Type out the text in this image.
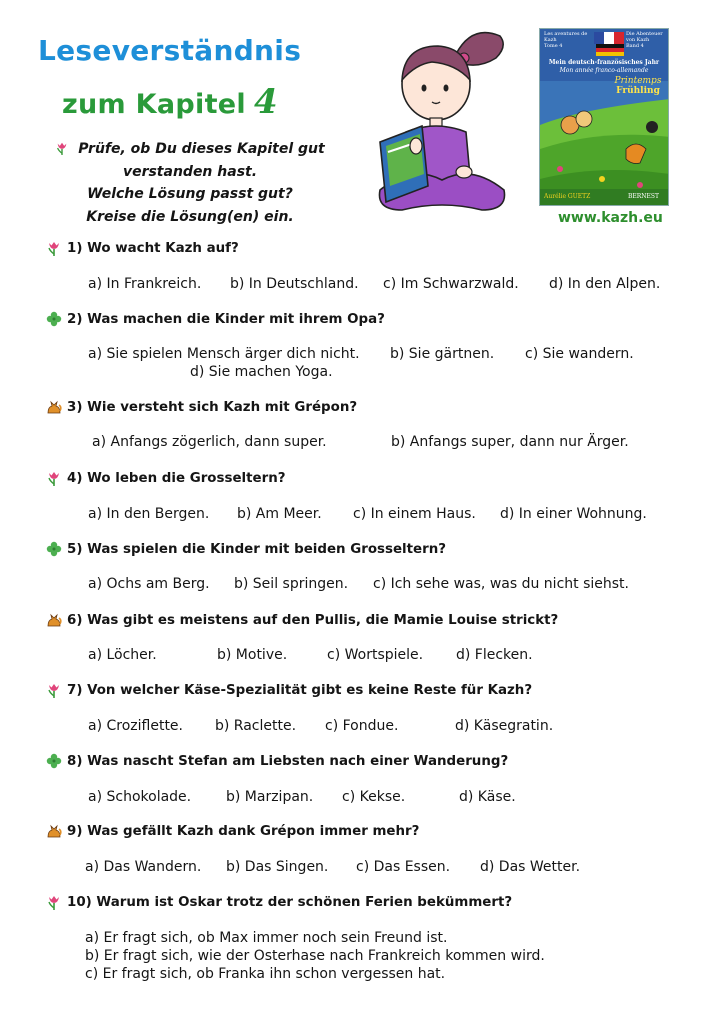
Leseverständnis
zum Kapitel 4
Prüfe, ob Du dieses Kapitel gut
verstanden hast.
Welche Lösung passt gut?
Kreise die Lösung(en) ein.
Les aventures de Kazh
Tome 4
Die Abenteuer von Kazh
Band 4
Mein deutsch-französisches Jahr
Mon année franco-allemande
Printemps
Frühling
Aurélie GUETZ	BERNEST
www.kazh.eu
1) Wo wacht Kazh auf?
a) In Frankreich. b) In Deutschland. c) Im Schwarzwald. d) In den Alpen.
2) Was machen die Kinder mit ihrem Opa?
a) Sie spielen Mensch ärger dich nicht. b) Sie gärtnen. c) Sie wandern.
d) Sie machen Yoga.
3) Wie versteht sich Kazh mit Grépon?
a) Anfangs zögerlich, dann super.	b) Anfangs super, dann nur Ärger.
4) Wo leben die Grosseltern?
a) In den Bergen. b) Am Meer. c) In einem Haus. d) In einer Wohnung.
5) Was spielen die Kinder mit beiden Grosseltern?
a) Ochs am Berg. b) Seil springen. c) Ich sehe was, was du nicht siehst.
6) Was gibt es meistens auf den Pullis, die Mamie Louise strickt?
a) Löcher.	b) Motive.	c) Wortspiele. d) Flecken.
7) Von welcher Käse-Spezialität gibt es keine Reste für Kazh?
a) Croziflette. b) Raclette. c) Fondue.	d) Käsegratin.
8) Was nascht Stefan am Liebsten nach einer Wanderung?
a) Schokolade. b) Marzipan. c) Kekse.	d) Käse.
9) Was gefällt Kazh dank Grépon immer mehr?
a) Das Wandern. b) Das Singen. c) Das Essen. d) Das Wetter.
10) Warum ist Oskar trotz der schönen Ferien bekümmert?
a) Er fragt sich, ob Max immer noch sein Freund ist.
b) Er fragt sich, wie der Osterhase nach Frankreich kommen wird.
c) Er fragt sich, ob Franka ihn schon vergessen hat.
